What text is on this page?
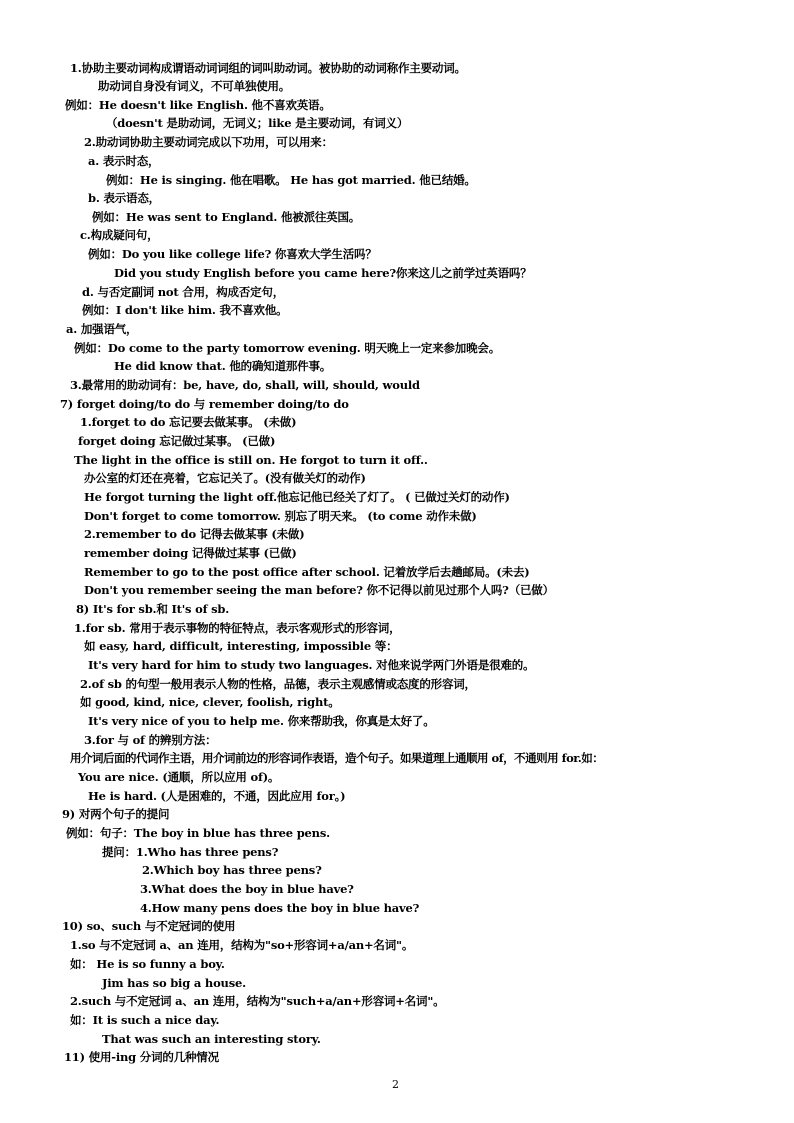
1.协助主要动词构成谓语动词词组的词叫助动词。被协助的动词称作主要动词。
助动词自身没有词义，不可单独使用。
例如：He doesn't like English. 他不喜欢英语。
（doesn't 是助动词，无词义；like 是主要动词，有词义）
2.助动词协助主要动词完成以下功用，可以用来：
a. 表示时态，
例如：He is singing. 他在唱歌。 He has got married. 他已结婚。
b. 表示语态，
例如：He was sent to England. 他被派往英国。
c.构成疑问句，
例如：Do you like college life? 你喜欢大学生活吗？
Did you study English before you came here?你来这儿之前学过英语吗？
d. 与否定副词 not 合用，构成否定句，
例如：I don't like him. 我不喜欢他。
a. 加强语气，
例如：Do come to the party tomorrow evening. 明天晚上一定来参加晚会。
He did know that. 他的确知道那件事。
3.最常用的助动词有：be, have, do, shall, will, should, would
7) forget doing/to do 与 remember doing/to do
1.forget to do 忘记要去做某事。 (未做)
forget doing 忘记做过某事。 (已做)
The light in the office is still on. He forgot to turn it off..
办公室的灯还在亮着，它忘记关了。(没有做关灯的动作)
He forgot turning the light off.他忘记他已经关了灯了。 ( 已做过关灯的动作)
Don't forget to come tomorrow. 别忘了明天来。 (to come 动作未做)
2.remember to do 记得去做某事 (未做)
remember doing 记得做过某事 (已做)
Remember to go to the post office after school. 记着放学后去趟邮局。(未去)
Don't you remember seeing the man before? 你不记得以前见过那个人吗?（已做）
8) It's for sb.和 It's of sb.
1.for sb. 常用于表示事物的特征特点，表示客观形式的形容词，
如 easy, hard, difficult, interesting, impossible 等：
It's very hard for him to study two languages. 对他来说学两门外语是很难的。
2.of sb 的句型一般用表示人物的性格，品德，表示主观感情或态度的形容词，
如 good, kind, nice, clever, foolish, right。
It's very nice of you to help me. 你来帮助我，你真是太好了。
3.for 与 of 的辨别方法：
用介词后面的代词作主语，用介词前边的形容词作表语，造个句子。如果道理上通顺用 of，不通则用 for.如：
You are nice. (通顺，所以应用 of)。
He is hard. (人是困难的，不通，因此应用 for。)
9) 对两个句子的提问
例如：句子：The boy in blue has three pens.
提问：1.Who has three pens?
2.Which boy has three pens?
3.What does the boy in blue have?
4.How many pens does the boy in blue have?
10) so、such 与不定冠词的使用
1.so 与不定冠词 a、an 连用，结构为"so+形容词+a/an+名词"。
如： He is so funny a boy.
Jim has so big a house.
2.such 与不定冠词 a、an 连用，结构为"such+a/an+形容词+名词"。
如：It is such a nice day.
That was such an interesting story.
11) 使用-ing 分词的几种情况
2
